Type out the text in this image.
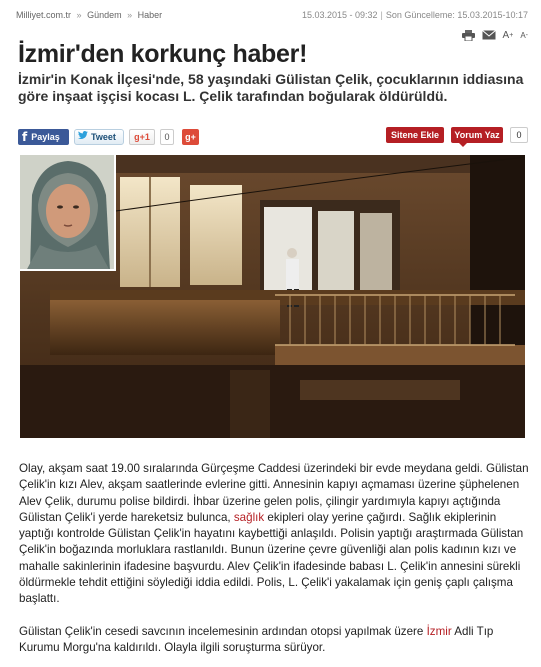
Milliyet.com.tr » Gündem » Haber	15.03.2015 - 09:32 | Son Güncelleme: 15.03.2015-10:17
A + A -
İzmir'den korkunç haber!

İzmir'in Konak İlçesi'nde, 58 yaşındaki Gülistan Çelik, çocuklarının iddiasına göre inşaat işçisi kocası L. Çelik tarafından boğularak öldürüldü.

f Paylaş	Tweet	g+1	0	g+	Sitene Ekle	Yorum Yaz	0

Olay, akşam saat 19.00 sıralarında Gürçeşme Caddesi üzerindeki bir evde meydana geldi. Gülistan Çelik'in kızı Alev, akşam saatlerinde evlerine gitti. Annesinin kapıyı açmaması üzerine şüphelenen Alev Çelik, durumu polise bildirdi. İhbar üzerine gelen polis, çilingir yardımıyla kapıyı açtığında Gülistan Çelik'i yerde hareketsiz bulunca, sağlık ekipleri olay yerine çağırdı. Sağlık ekiplerinin yaptığı kontrolde Gülistan Çelik'in hayatını kaybettiği anlaşıldı. Polisin yaptığı araştırmada Gülistan Çelik'in boğazında morluklara rastlanıldı. Bunun üzerine çevre güvenliği alan polis kadının kızı ve mahalle sakinlerinin ifadesine başvurdu. Alev Çelik'in ifadesinde babası L. Çelik'in annesini sürekli öldürmekle tehdit ettiğini söylediği iddia edildi. Polis, L. Çelik'i yakalamak için geniş çaplı çalışma başlattı.

Gülistan Çelik'in cesedi savcının incelemesinin ardından otopsi yapılmak üzere İzmir Adli Tıp Kurumu Morgu'na kaldırıldı. Olayla ilgili soruşturma sürüyor.
